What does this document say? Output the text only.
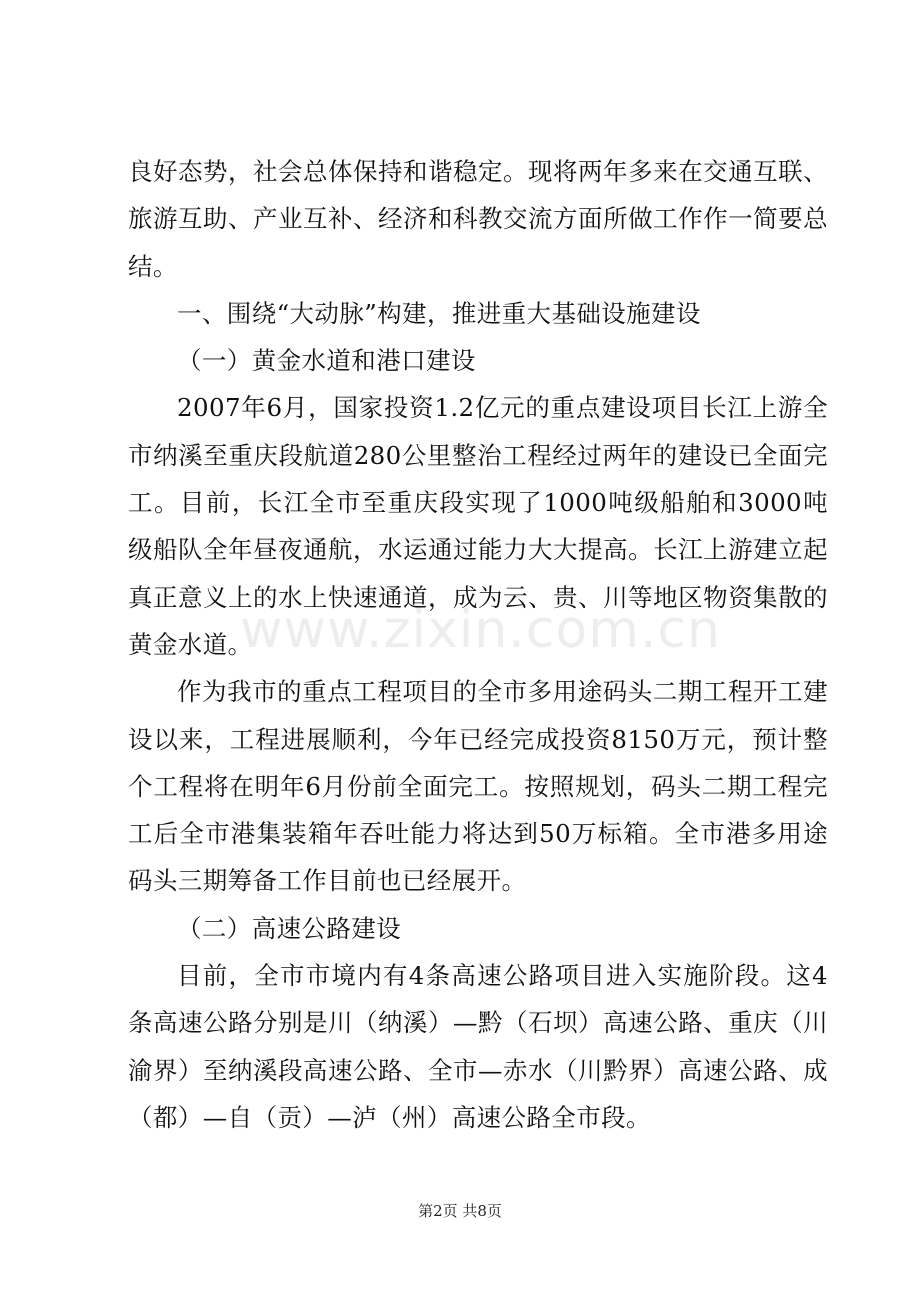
良好态势，社会总体保持和谐稳定。现将两年多来在交通互联、旅游互助、产业互补、经济和科教交流方面所做工作作一简要总结。

一、围绕“大动脉”构建，推进重大基础设施建设

（一）黄金水道和港口建设

2007年6月，国家投资1.2亿元的重点建设项目长江上游全市纳溪至重庆段航道280公里整治工程经过两年的建设已全面完工。目前，长江全市至重庆段实现了1000吨级船舶和3000吨级船队全年昼夜通航，水运通过能力大大提高。长江上游建立起真正意义上的水上快速通道，成为云、贵、川等地区物资集散的黄金水道。

作为我市的重点工程项目的全市多用途码头二期工程开工建设以来，工程进展顺利，今年已经完成投资8150万元，预计整个工程将在明年6月份前全面完工。按照规划，码头二期工程完工后全市港集装箱年吞吐能力将达到50万标箱。全市港多用途码头三期筹备工作目前也已经展开。

（二）高速公路建设

目前，全市市境内有4条高速公路项目进入实施阶段。这4条高速公路分别是川（纳溪）—黔（石坝）高速公路、重庆（川渝界）至纳溪段高速公路、全市—赤水（川黔界）高速公路、成（都）—自（贡）—泸（州）高速公路全市段。

www.zixin.com.cn
第2页 共8页
